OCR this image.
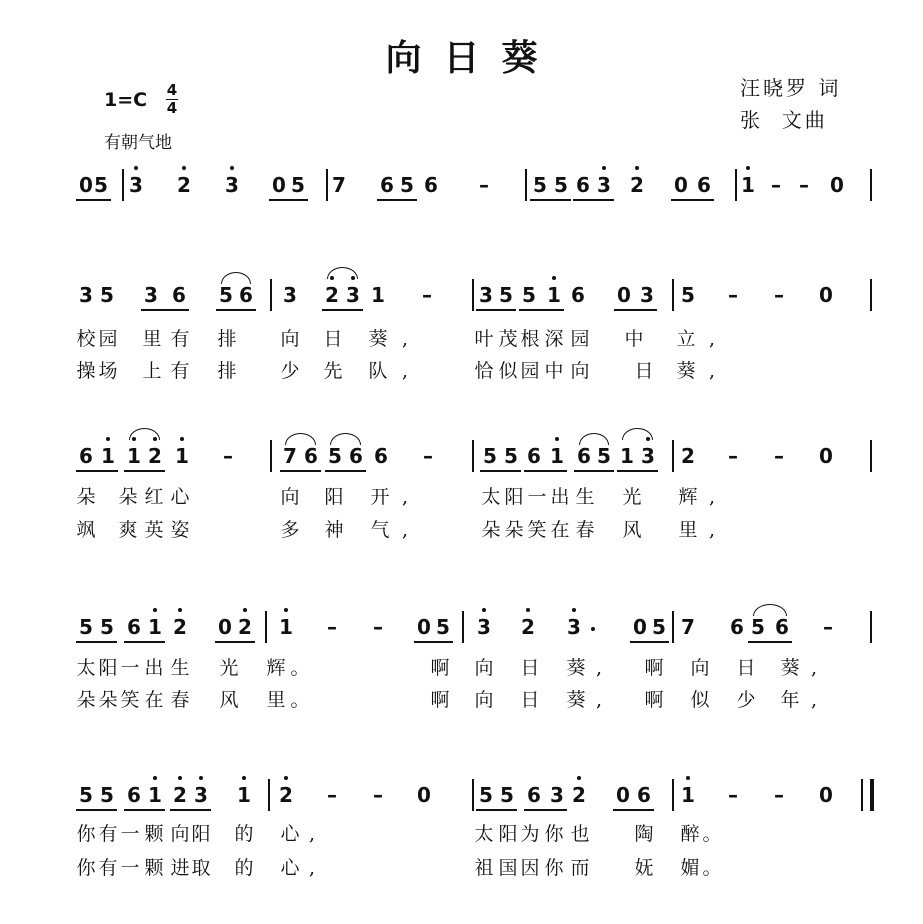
向日葵
1=C 4
4
有朝气地
汪晓罗 词
张  文曲
0 5 3 2 3 0 5 7 6 5 6	–	5 5 6 3 2 0 6 1 – –	0
3 5 3 6 5 6 3 2 3 1	–	3 5 5 1 6 0 3 5	–	–	0
校 园 里 有 排 向 日 葵 ,	叶 茂 根 深 园 中 立 ,
操 场 上 有 排 少 先 队 ,	恰 似 园 中 向 日 葵 ,
6 1 1 2 1	–	7 6 5 6 6	–	5 5 6 1 6 5 1 3 2	–	–	0
朵 朵 红 心	向 阳 开 ,	太 阳 一 出 生 光 辉 ,
飒 爽 英 姿	多 神 气 ,	朵 朵 笑 在 春 风 里 ,
5 5 6 1 2 0 2 1	–	–	0 5 3 2 3	0 5 7 6 5 6	–
太 阳 一 出 生 光 辉 。	啊 向 日 葵 ,	啊 向 日 葵 ,
朵 朵 笑 在 春 风 里 。	啊 向 日 葵 ,	啊 似 少 年 ,
5 5 6 1 2 3 1 2	–	–	0 5 5 6 3 2 0 6 1	–	–	0
你 有 一 颗 向 阳 的 心 ,	太 阳 为 你 也 陶 醉 。
你 有 一 颗 进 取 的 心 ,	祖 国 因 你 而 妩 媚 。
